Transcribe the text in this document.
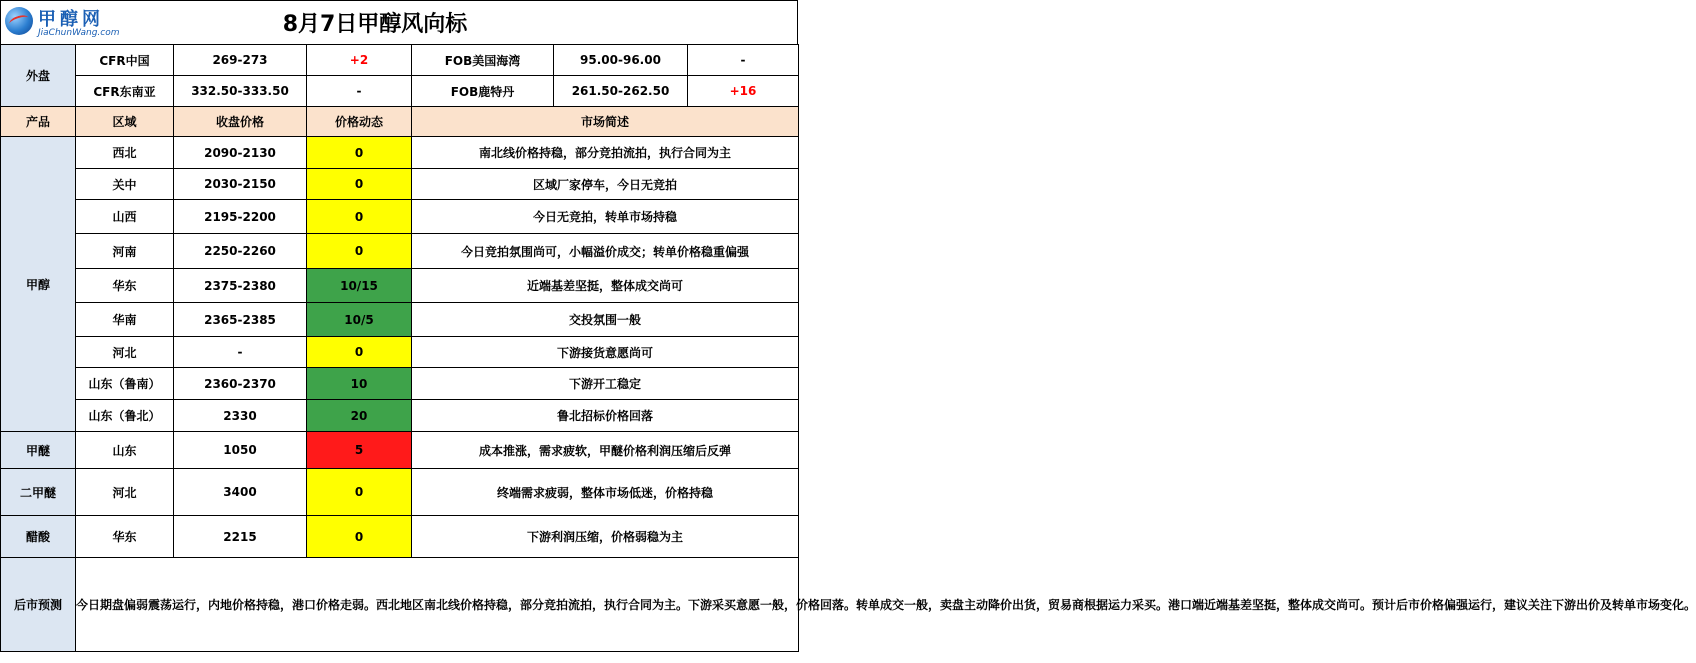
甲醇网
JiaChunWang.com	8月7日甲醇风向标
外盘	CFR中国	269-273	+2	FOB美国海湾	95.00-96.00	-
	CFR东南亚	332.50-333.50	-	FOB鹿特丹	261.50-262.50	+16
产品	区域	收盘价格	价格动态	市场简述		
甲醇	西北	2090-2130	0	南北线价格持稳，部分竞拍流拍，执行合同为主		
	关中	2030-2150	0	区域厂家停车，今日无竞拍		
	山西	2195-2200	0	今日无竞拍，转单市场持稳		
	河南	2250-2260	0	今日竞拍氛围尚可，小幅溢价成交；转单价格稳重偏强		
	华东	2375-2380	10/15	近端基差坚挺，整体成交尚可		
	华南	2365-2385	10/5	交投氛围一般		
	河北	-	0	下游接货意愿尚可		
	山东（鲁南）	2360-2370	10	下游开工稳定		
	山东（鲁北）	2330	20	鲁北招标价格回落		
甲醚	山东	1050	5	成本推涨，需求疲软，甲醚价格利润压缩后反弹		
二甲醚	河北	3400	0	终端需求疲弱，整体市场低迷，价格持稳		
醋酸	华东	2215	0	下游利润压缩，价格弱稳为主		
后市预测	今日期盘偏弱震荡运行，内地价格持稳，港口价格走弱。西北地区南北线价格持稳，部分竞拍流拍，执行合同为主。下游采买意愿一般，价格回落。转单成交一般，卖盘主动降价出货，贸易商根据运力采买。港口端近端基差坚挺，整体成交尚可。预计后市价格偏强运行，建议关注下游出价及转单市场变化。					
